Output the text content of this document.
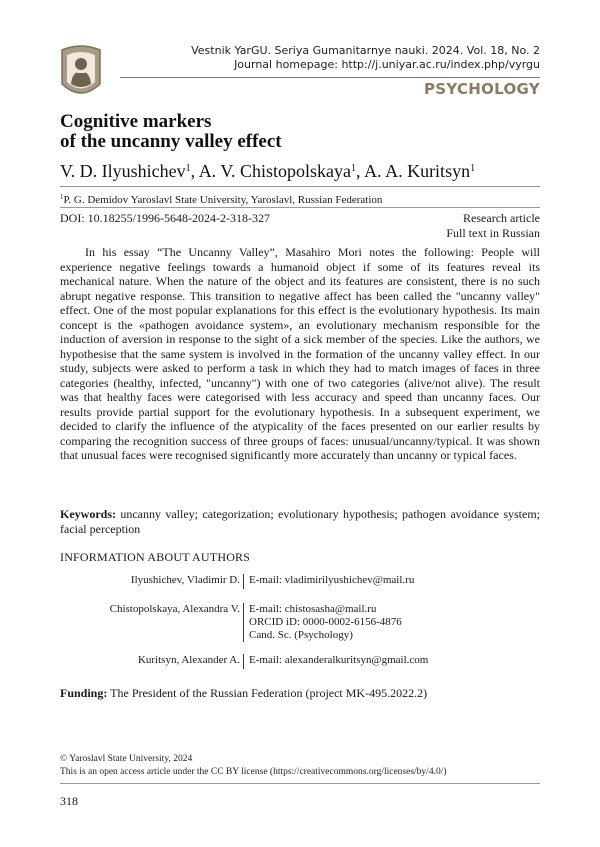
Vestnik YarGU. Seriya Gumanitarnye nauki. 2024. Vol. 18, No. 2
Journal homepage: http://j.uniyar.ac.ru/index.php/vyrgu
PSYCHOLOGY
Cognitive markers
of the uncanny valley effect
V. D. Ilyushichev$^1$, A. V. Chistopolskaya$^1$, A. A. Kuritsyn$^1$
$^1$P. G. Demidov Yaroslavl State University, Yaroslavl, Russian Federation
DOI: 10.18255/1996-5648-2024-2-318-327	Research article
Full text in Russian

In his essay “The Uncanny Valley”, Masahiro Mori notes the following: People will experience negative feelings towards a humanoid object if some of its features reveal its mechanical nature. When the nature of the object and its features are consistent, there is no such abrupt negative response. This transition to negative affect has been called the "uncanny valley" effect. One of the most popular explanations for this effect is the evolutionary hypothesis. Its main concept is the «pathogen avoidance system», an evolutionary mechanism responsible for the induction of aversion in response to the sight of a sick member of the species. Like the authors, we hypothesise that the same system is involved in the formation of the uncanny valley effect. In our study, subjects were asked to perform a task in which they had to match images of faces in three categories (healthy, infected, "uncanny") with one of two categories (alive/not alive). The result was that healthy faces were categorised with less accuracy and speed than uncanny faces. Our results provide partial support for the evolutionary hypothesis. In a subsequent experiment, we decided to clarify the influence of the atypicality of the faces presented on our earlier results by comparing the recognition success of three groups of faces: unusual/uncanny/typical. It was shown that unusual faces were recognised significantly more accurately than uncanny or typical faces.

Keywords: uncanny valley; categorization; evolutionary hypothesis; pathogen avoidance system; facial perception
INFORMATION ABOUT AUTHORS
Ilyushichev, Vladimir D. E-mail: vladimirilyushichev@mail.ru
Chistopolskaya, Alexandra V. E-mail: chistosasha@mail.ru
ORCID iD: 0000-0002-6156-4876
Cand. Sc. (Psychology)
Kuritsyn, Alexander A. E-mail: alexanderalkuritsyn@gmail.com
Funding: The President of the Russian Federation (project MK-495.2022.2)
© Yaroslavl State University, 2024
This is an open access article under the CC BY license (https://creativecommons.org/licenses/by/4.0/)
318
